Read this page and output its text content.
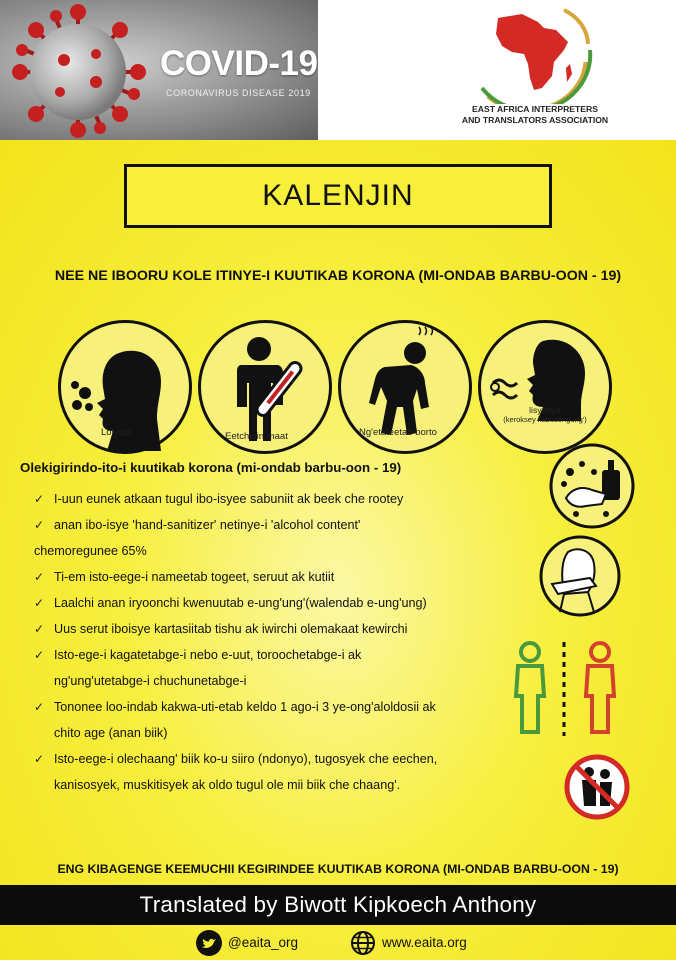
COVID-19
CORONAVIRUS DISEASE 2019
EAST AFRICA INTERPRETERS
AND TRANSLATORS ASSOCIATION
KALENJIN
NEE NE IBOORU KOLE ITINYE-I KUUTIKAB KORONA (MI-ONDAB BARBU-OON - 19)
Lolyoot	Eetchinin maat	Ng'etateetab borto
lisyenyiil
(keroksey kabusengung')
Olekigirindo-ito-i kuutikab korona (mi-ondab barbu-oon - 19)
✓ I-uun eunek atkaan tugul ibo-isyee sabuniit ak beek che rootey
✓ anan ibo-isye 'hand-sanitizer' netinye-i 'alcohol content'
chemoregunee 65%
✓ Ti-em isto-eege-i nameetab togeet, seruut ak kutiit
✓ Laalchi anan iryoonchi kwenuutab e-ung'ung'(walendab e-ung'ung)
✓ Uus serut iboisye kartasiitab tishu ak iwirchi olemakaat kewirchi
✓ Isto-ege-i kagatetabge-i nebo e-uut, toroochetabge-i ak
ng'ung'utetabge-i chuchunetabge-i
✓ Tononee loo-indab kakwa-uti-etab keldo 1 ago-i 3 ye-ong'aloldosii ak
chito age (anan biik)
✓ Isto-eege-i olechaang' biik ko-u siiro (ndonyo), tugosyek che eechen,
kanisosyek, muskitisyek ak oldo tugul ole mii biik che chaang'.
ENG KIBAGENGE KEEMUCHII KEGIRINDEE KUUTIKAB KORONA (MI-ONDAB BARBU-OON - 19)
Translated by Biwott Kipkoech Anthony
@eaita_org	www.eaita.org
